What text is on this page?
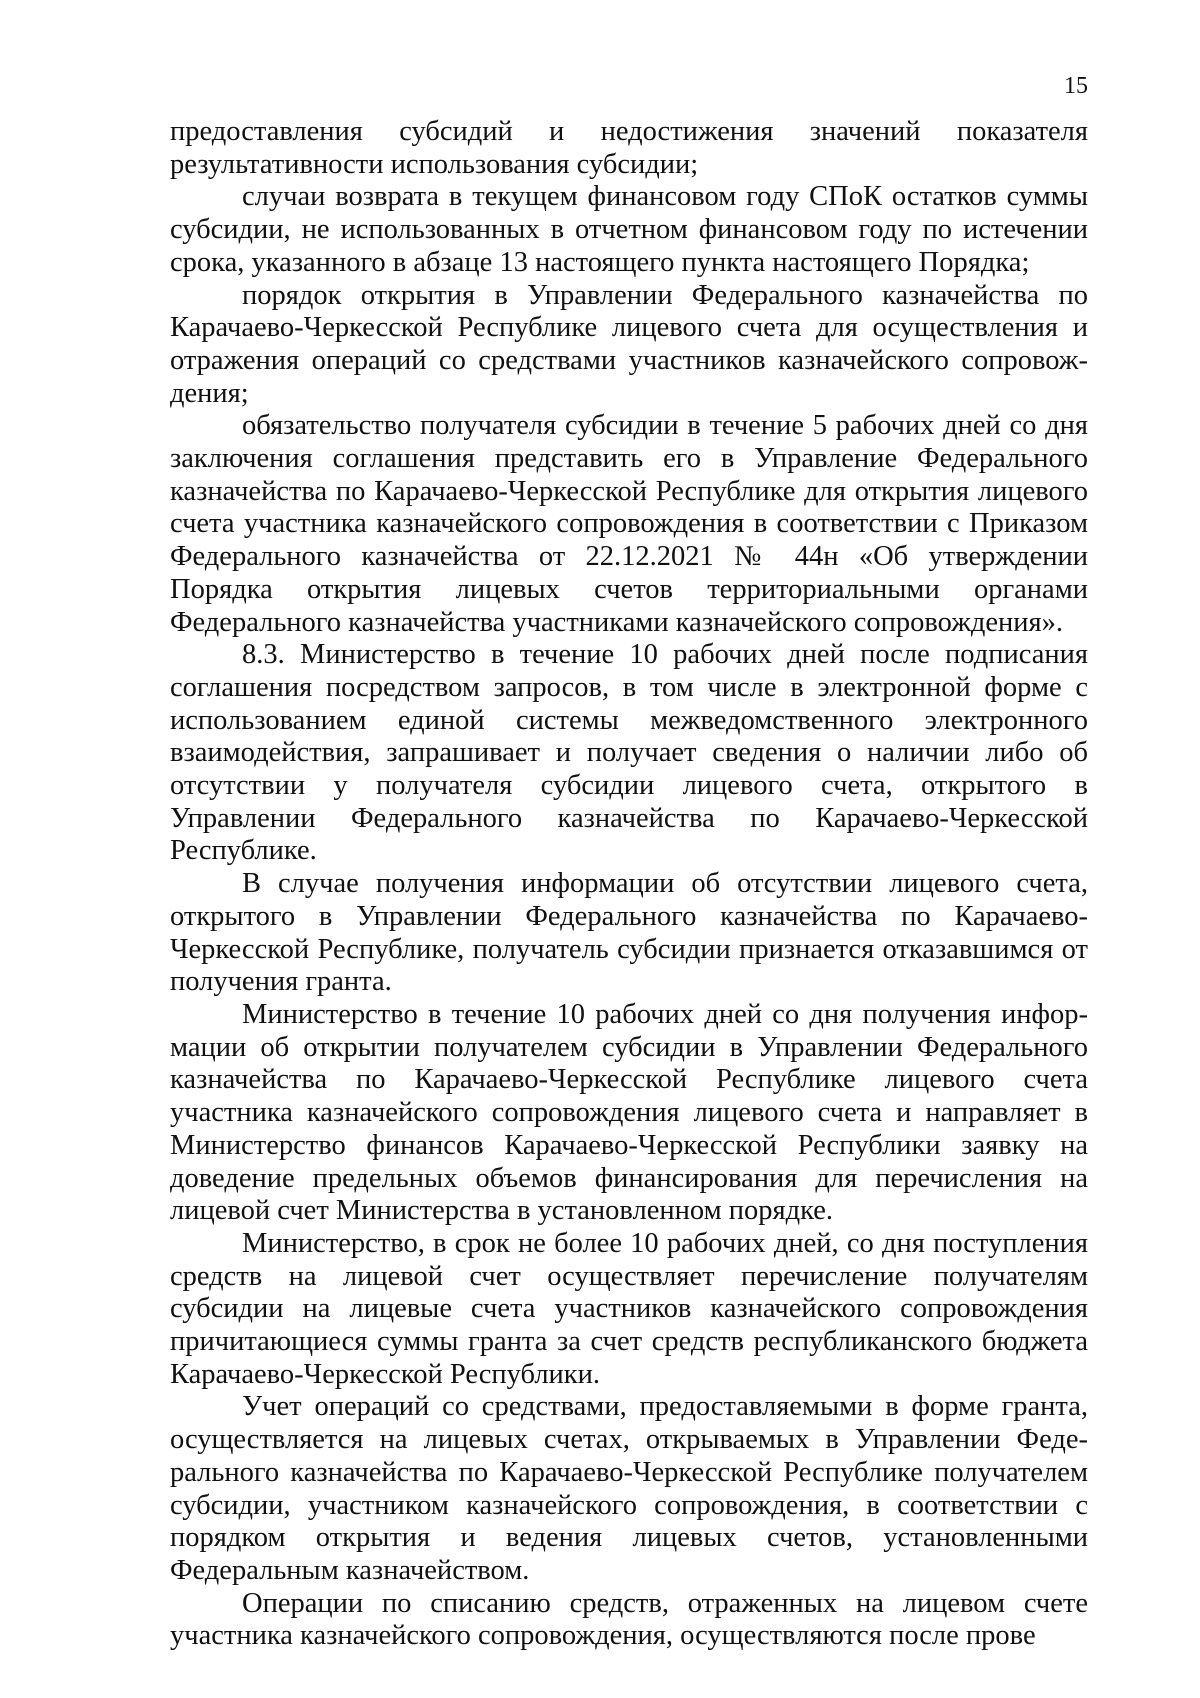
15

предоставления субсидий и недостижения значений показателя результативности использования субсидии;

случаи возврата в текущем финансовом году СПоК остатков суммы субсидии, не использованных в отчетном финансовом году по истечении срока, указанного в абзаце 13 настоящего пункта настоящего Порядка;

порядок открытия в Управлении Федерального казначейства по Карачаево-Черкесской Республике лицевого счета для осуществления и отражения операций со средствами участников казначейского сопровождения;

обязательство получателя субсидии в течение 5 рабочих дней со дня заключения соглашения представить его в Управление Федерального казначейства по Карачаево-Черкесской Республике для открытия лицевого счета участника казначейского сопровождения в соответствии с Приказом Федерального казначейства от 22.12.2021 № 44н «Об утверждении Порядка открытия лицевых счетов территориальными органами Федерального казначейства участниками казначейского сопровождения».

8.3. Министерство в течение 10 рабочих дней после подписания соглашения посредством запросов, в том числе в электронной форме с использованием единой системы межведомственного электронного взаимодействия, запрашивает и получает сведения о наличии либо об отсутствии у получателя субсидии лицевого счета, открытого в Управлении Федерального казначейства по Карачаево-Черкесской Республике.

В случае получения информации об отсутствии лицевого счета, открытого в Управлении Федерального казначейства по Карачаево-Черкесской Республике, получатель субсидии признается отказавшимся от получения гранта.

Министерство в течение 10 рабочих дней со дня получения информации об открытии получателем субсидии в Управлении Федерального казначейства по Карачаево-Черкесской Республике лицевого счета участника казначейского сопровождения лицевого счета и направляет в Министерство финансов Карачаево-Черкесской Республики заявку на доведение предельных объемов финансирования для перечисления на лицевой счет Министерства в установленном порядке.

Министерство, в срок не более 10 рабочих дней, со дня поступления средств на лицевой счет осуществляет перечисление получателям субсидии на лицевые счета участников казначейского сопровождения причитающиеся суммы гранта за счет средств республиканского бюджета Карачаево-Черкесской Республики.

Учет операций со средствами, предоставляемыми в форме гранта, осуществляется на лицевых счетах, открываемых в Управлении Федерального казначейства по Карачаево-Черкесской Республике получателем субсидии, участником казначейского сопровождения, в соответствии с порядком открытия и ведения лицевых счетов, установленными Федеральным казначейством.

Операции по списанию средств, отраженных на лицевом счете участника казначейского сопровождения, осуществляются после прове
